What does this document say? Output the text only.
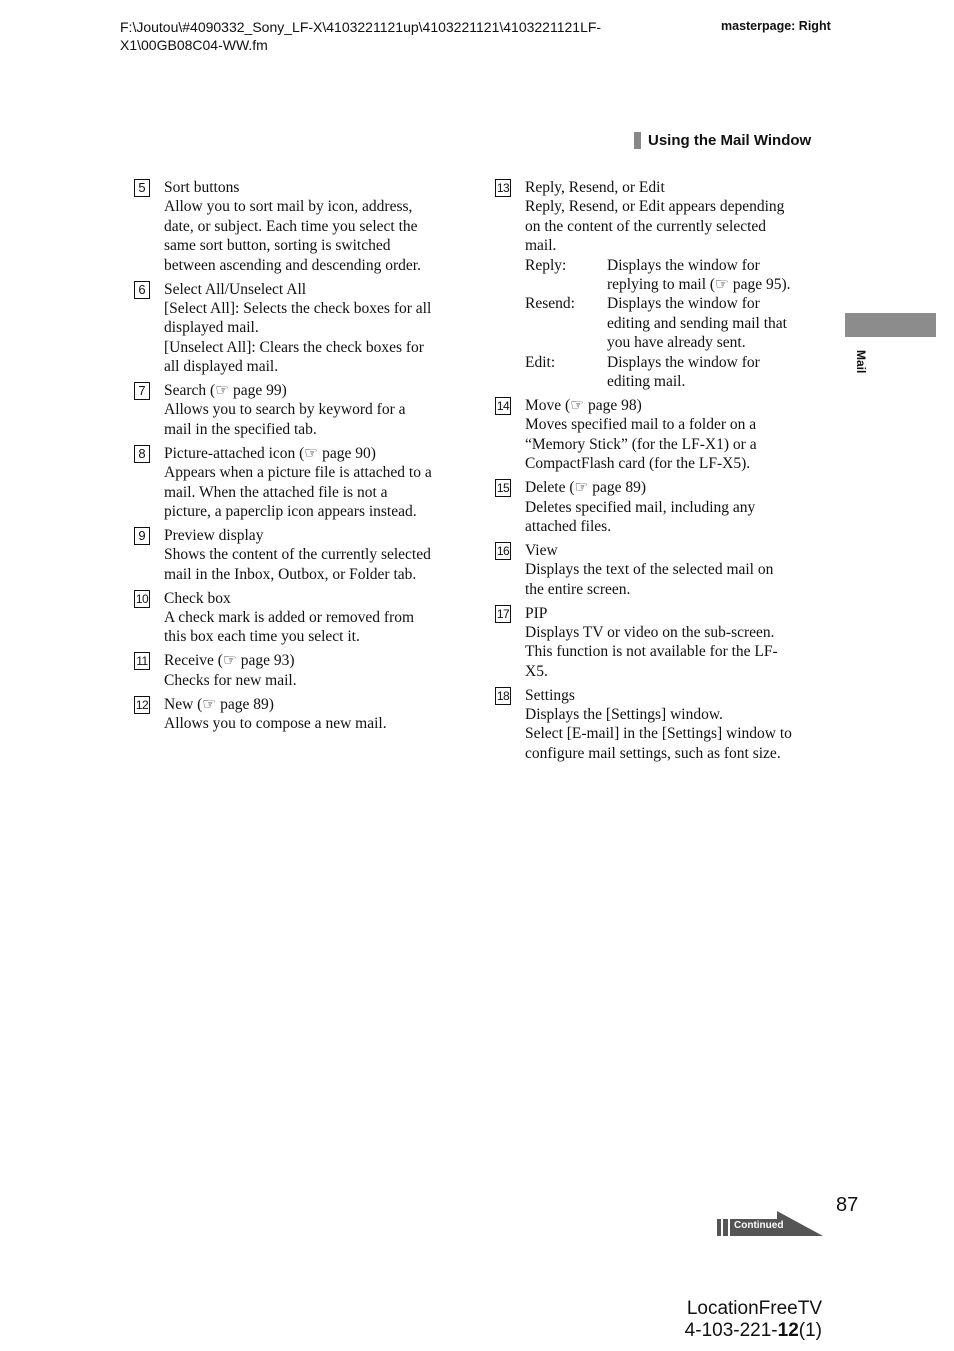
F:\Joutou\#4090332_Sony_LF-X\4103221121up\4103221121\4103221121LF-X1\00GB08C04-WW.fm
masterpage: Right
Using the Mail Window
Mail
5 Sort buttons
Allow you to sort mail by icon, address, date, or subject. Each time you select the same sort button, sorting is switched between ascending and descending order.
6 Select All/Unselect All
[Select All]: Selects the check boxes for all displayed mail.
[Unselect All]: Clears the check boxes for all displayed mail.
7 Search (☞ page 99)
Allows you to search by keyword for a mail in the specified tab.
8 Picture-attached icon (☞ page 90)
Appears when a picture file is attached to a mail. When the attached file is not a picture, a paperclip icon appears instead.
9 Preview display
Shows the content of the currently selected mail in the Inbox, Outbox, or Folder tab.
10 Check box
A check mark is added or removed from this box each time you select it.
11 Receive (☞ page 93)
Checks for new mail.
12 New (☞ page 89)
Allows you to compose a new mail.
13 Reply, Resend, or Edit
Reply, Resend, or Edit appears depending on the content of the currently selected mail.
Reply:	Displays the window for replying to mail (☞ page 95).
Resend:	Displays the window for editing and sending mail that you have already sent.
Edit:	Displays the window for editing mail.
14 Move (☞ page 98)
Moves specified mail to a folder on a “Memory Stick” (for the LF-X1) or a CompactFlash card (for the LF-X5).
15 Delete (☞ page 89)
Deletes specified mail, including any attached files.
16 View
Displays the text of the selected mail on the entire screen.
17 PIP
Displays TV or video on the sub-screen. This function is not available for the LF-X5.
18 Settings
Displays the [Settings] window.
Select [E-mail] in the [Settings] window to configure mail settings, such as font size.
87
Continued
LocationFreeTV
4-103-221-12(1)
